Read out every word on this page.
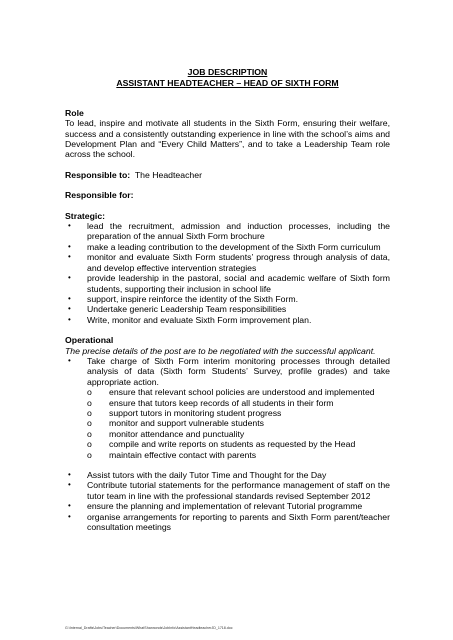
JOB DESCRIPTION
ASSISTANT HEADTEACHER – HEAD OF SIXTH FORM
Role
To lead, inspire and motivate all students in the Sixth Form, ensuring their welfare, success and a consistently outstanding experience in line with the school’s aims and Development Plan and “Every Child Matters”, and to take a Leadership Team role across the school.
Responsible to: The Headteacher
Responsible for:
Strategic:
• lead the recruitment, admission and induction processes, including the preparation of the annual Sixth Form brochure
• make a leading contribution to the development of the Sixth Form curriculum
• monitor and evaluate Sixth Form students’ progress through analysis of data, and develop effective intervention strategies
• provide leadership in the pastoral, social and academic welfare of Sixth form students, supporting their inclusion in school life
• support, inspire reinforce the identity of the Sixth Form.
• Undertake generic Leadership Team responsibilities
• Write, monitor and evaluate Sixth Form improvement plan.
Operational
The precise details of the post are to be negotiated with the successful applicant.
• Take charge of Sixth Form interim monitoring processes through detailed analysis of data (Sixth form Students’ Survey, profile grades) and take appropriate action.
o ensure that relevant school policies are understood and implemented
o ensure that tutors keep records of all students in their form
o support tutors in monitoring student progress
o monitor and support vulnerable students
o monitor attendance and punctuality
o compile and write reports on students as requested by the Head
o maintain effective contact with parents
• Assist tutors with the daily Tutor Time and Thought for the Day
• Contribute tutorial statements for the performance management of staff on the tutor team in line with the professional standards revised September 2012
• ensure the planning and implementation of relevant Tutorial programme
• organise arrangements for reporting to parents and Sixth Form parent/teacher consultation meetings
G:\Internal_Drafts\Jobs\Teacher\Documents\WhatShannonds\JobInfo\AssistantHeadteacherJD_1718.doc
